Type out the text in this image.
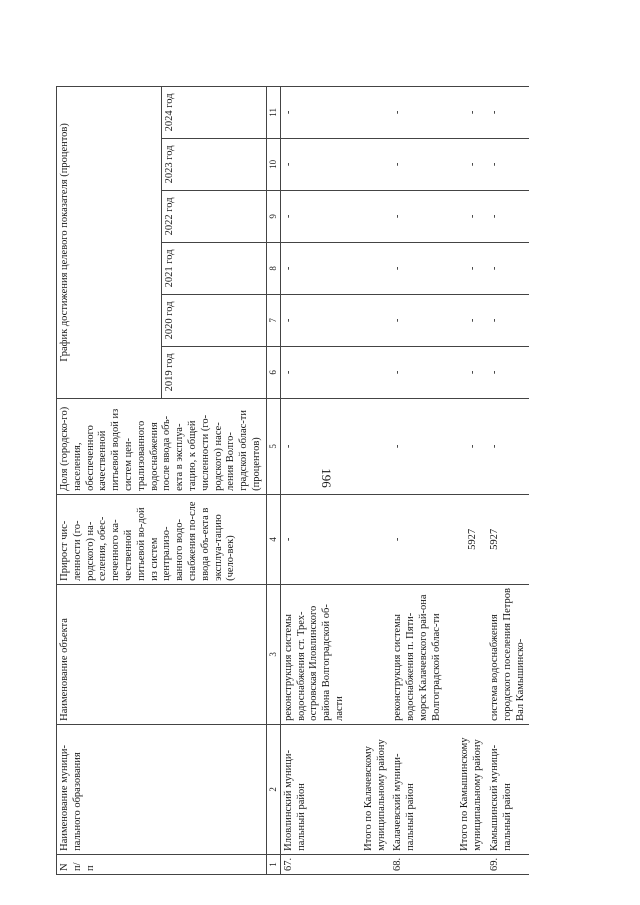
196
N п/п	Наименование муници-пального образования	Наименование объекта	Прирост чис-ленности (го-родского) на-селения, обес-печенного ка-чественной питьевой во-дой из систем централизо-ванного водо-снабжения по-сле ввода объ-екта в эксплуа-тацию (чело-век)	Доля (городско-го) населения, обеспеченного качественной питьевой водой из систем цен-трализованного водоснабжения после ввода объ-екта в эксплуа-тацию, к общей численности (го-родского) насе-ления Волго-градской облас-ти (процентов)	График достижения целевого показателя (процентов)					
					2019 год	2020 год	2021 год	2022 год	2023 год	2024 год
1	2	3	4	5	6	7	8	9	10	11
67.	Иловлинский муници-пальный район	реконструкция системы водоснабжения ст. Трех-островская Иловлинского района Волгоградской об-ласти	-	-	-	-	-	-	-	-
	Итого по Калачевскому муниципальному району									
68.	Калачевский муници-пальный район	реконструкция системы водоснабжения п. Пяти-морск Калачевского рай-она Волгоградской облас-ти	-	-	-	-	-	-	-	-
	Итого по Камышинскому муниципальному району		5927	-	-	-	-	-	-	-
69.	Камышинский муници-пальный район	система водоснабжения городского поселения Петров Вал Камышинско-	5927	-	-	-	-	-	-	-
